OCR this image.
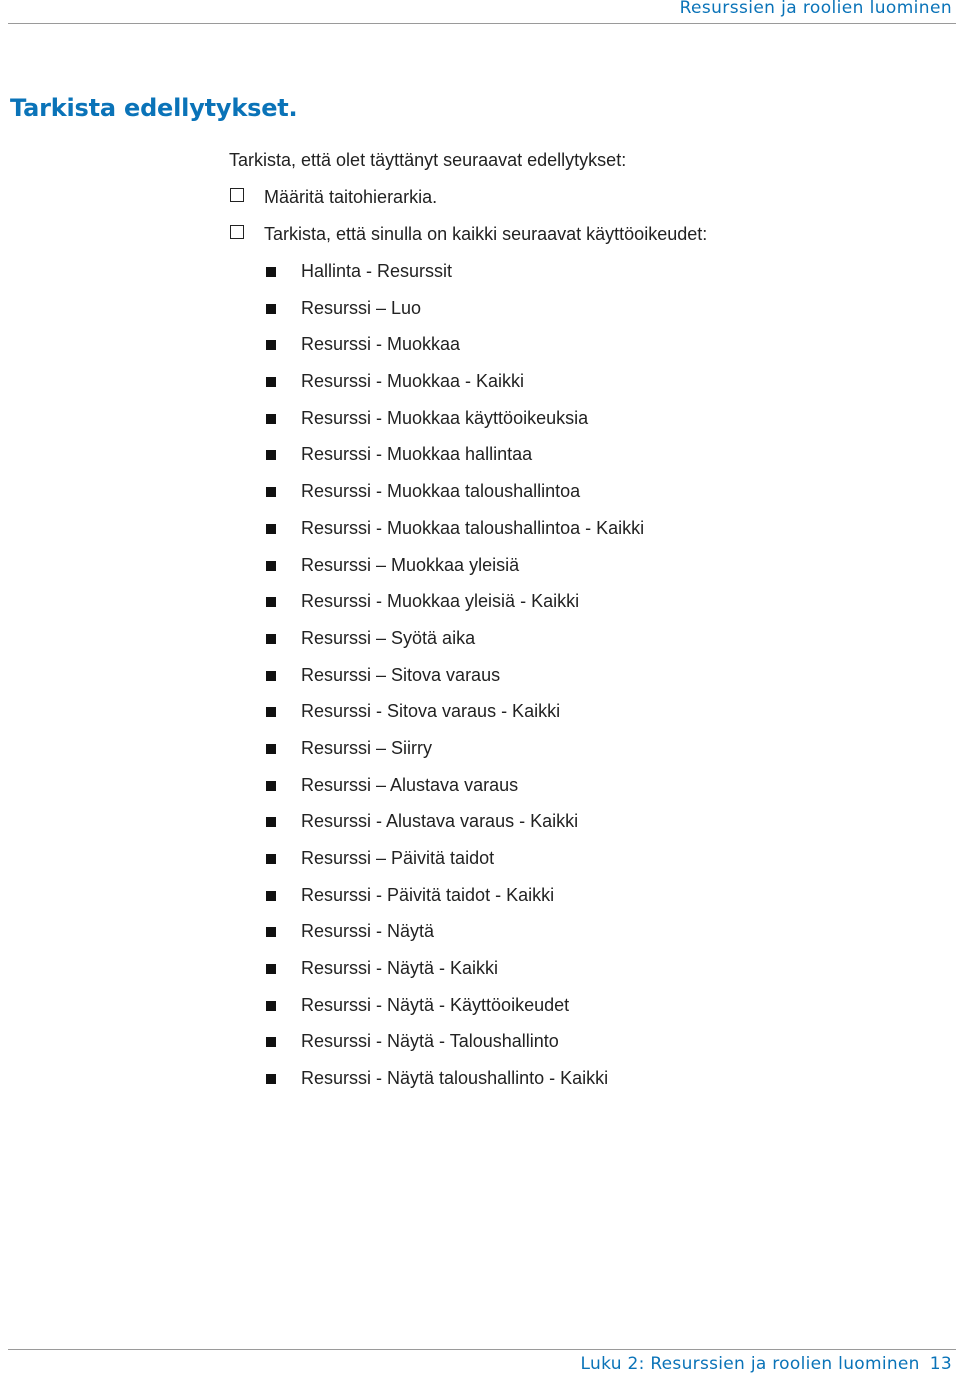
Resurssien ja roolien luominen
Tarkista edellytykset.
Tarkista, että olet täyttänyt seuraavat edellytykset:
Määritä taitohierarkia.
Tarkista, että sinulla on kaikki seuraavat käyttöoikeudet:
Hallinta - Resurssit
Resurssi – Luo
Resurssi - Muokkaa
Resurssi - Muokkaa - Kaikki
Resurssi - Muokkaa käyttöoikeuksia
Resurssi - Muokkaa hallintaa
Resurssi - Muokkaa taloushallintoa
Resurssi - Muokkaa taloushallintoa - Kaikki
Resurssi – Muokkaa yleisiä
Resurssi - Muokkaa yleisiä - Kaikki
Resurssi – Syötä aika
Resurssi – Sitova varaus
Resurssi - Sitova varaus - Kaikki
Resurssi – Siirry
Resurssi – Alustava varaus
Resurssi - Alustava varaus - Kaikki
Resurssi – Päivitä taidot
Resurssi - Päivitä taidot - Kaikki
Resurssi - Näytä
Resurssi - Näytä - Kaikki
Resurssi - Näytä - Käyttöoikeudet
Resurssi - Näytä - Taloushallinto
Resurssi - Näytä taloushallinto - Kaikki
Luku 2: Resurssien ja roolien luominen 13
